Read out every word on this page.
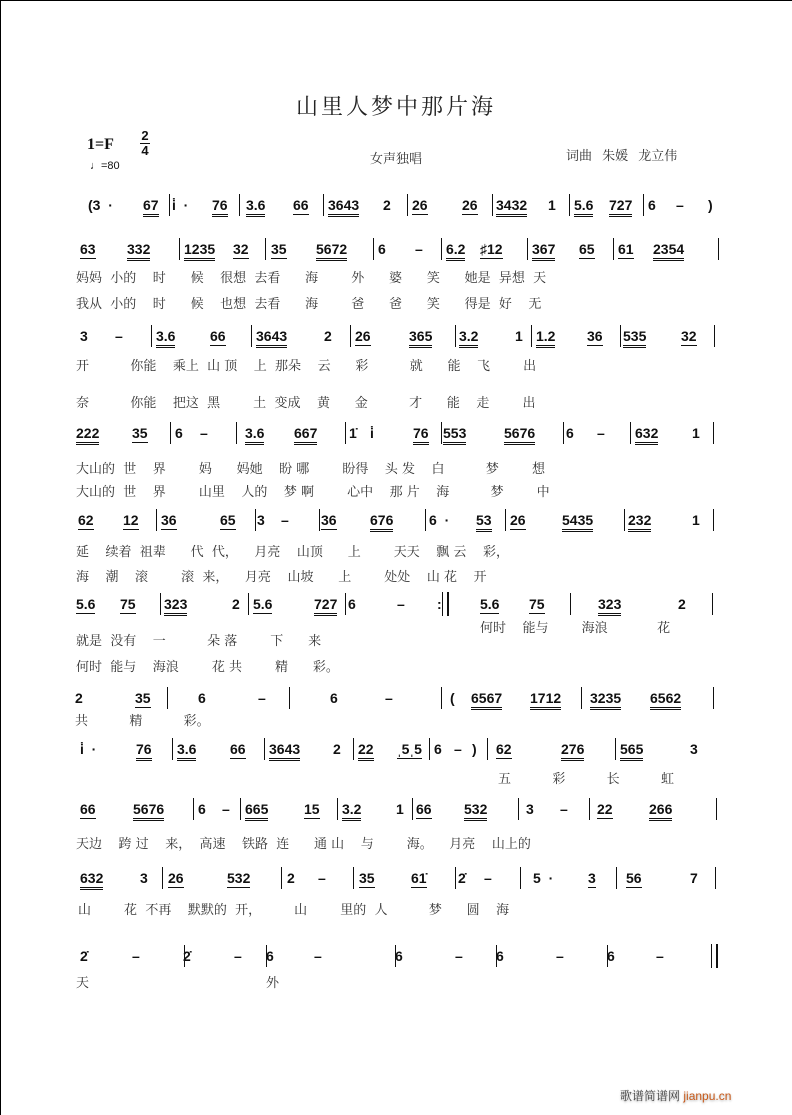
山里人梦中那片海
1=F
2
4
♩=80	女声独唱	词曲 朱媛 龙立伟
(3  · 67 i̇  · 76 3.6 66 3643 2 26 26 3432 1 5.6 727 6 – )
63 332 1235 32 35 5672 6 – 6.2 ♯12 367 65 61 2354
妈妈  小的    时      候    很想  去看      海        外      婆      笑      她是  异想  天
我从  小的    时      候    也想  去看      海        爸      爸      笑      得是  好    无
3 – 3.6 66 3643	2 26	365 3.2	1 1.2 36 535 32
开          你能    乘上  山 顶    上  那朵    云      彩          就      能    飞        出
奈          你能    把这  黑        土  变成    黄      金          才      能    走        出
222 35 6 –	3.6 667 1̇ i̇	76 553	5676 6 – 632 1
大山的  世    界        妈      妈她    盼 哪        盼得    头 发    白          梦        想
大山的  世    界        山里    人的    梦 啊        心中    那 片    海          梦        中
62 12 36	65 3 – 36 676	6  · 53 26	5435 232	1
延    续着  祖辈      代  代，    月亮    山顶      上        天天    飘 云    彩，
海    潮    滚        滚  来，    月亮    山坡      上        处处    山 花    开
5.6 75 323	2 5.6	727 6	– :	5.6 75	323	2
就是  没有    一          朵 落        下      来
何时  能与    海浪        花 共        精      彩。
何时    能与        海浪            花
2	35	6	–	6	–	( 6567 1712 3235 6562
共          精          彩。
i̇  ·	76 3.6 66 3643 2 22 ˌ5ˌ5 6 – ) 62	276	565	3
五          彩          长          虹
66	5676 6 – 665	15 3.2 1 66 532	3 – 22	266
天边    跨 过    来，  高速    铁路  连      通 山    与        海。    月亮    山上的
632	3 26	532	2 – 35	61̇ 2̇ –	5  · 3 56	7
山        花  不再    默默的  开，        山        里的  人          梦      圆    海
2̇	–	2̇	– 6	–	6	– 6	–	6	–
天	外
歌谱简谱网 jianpu.cn
